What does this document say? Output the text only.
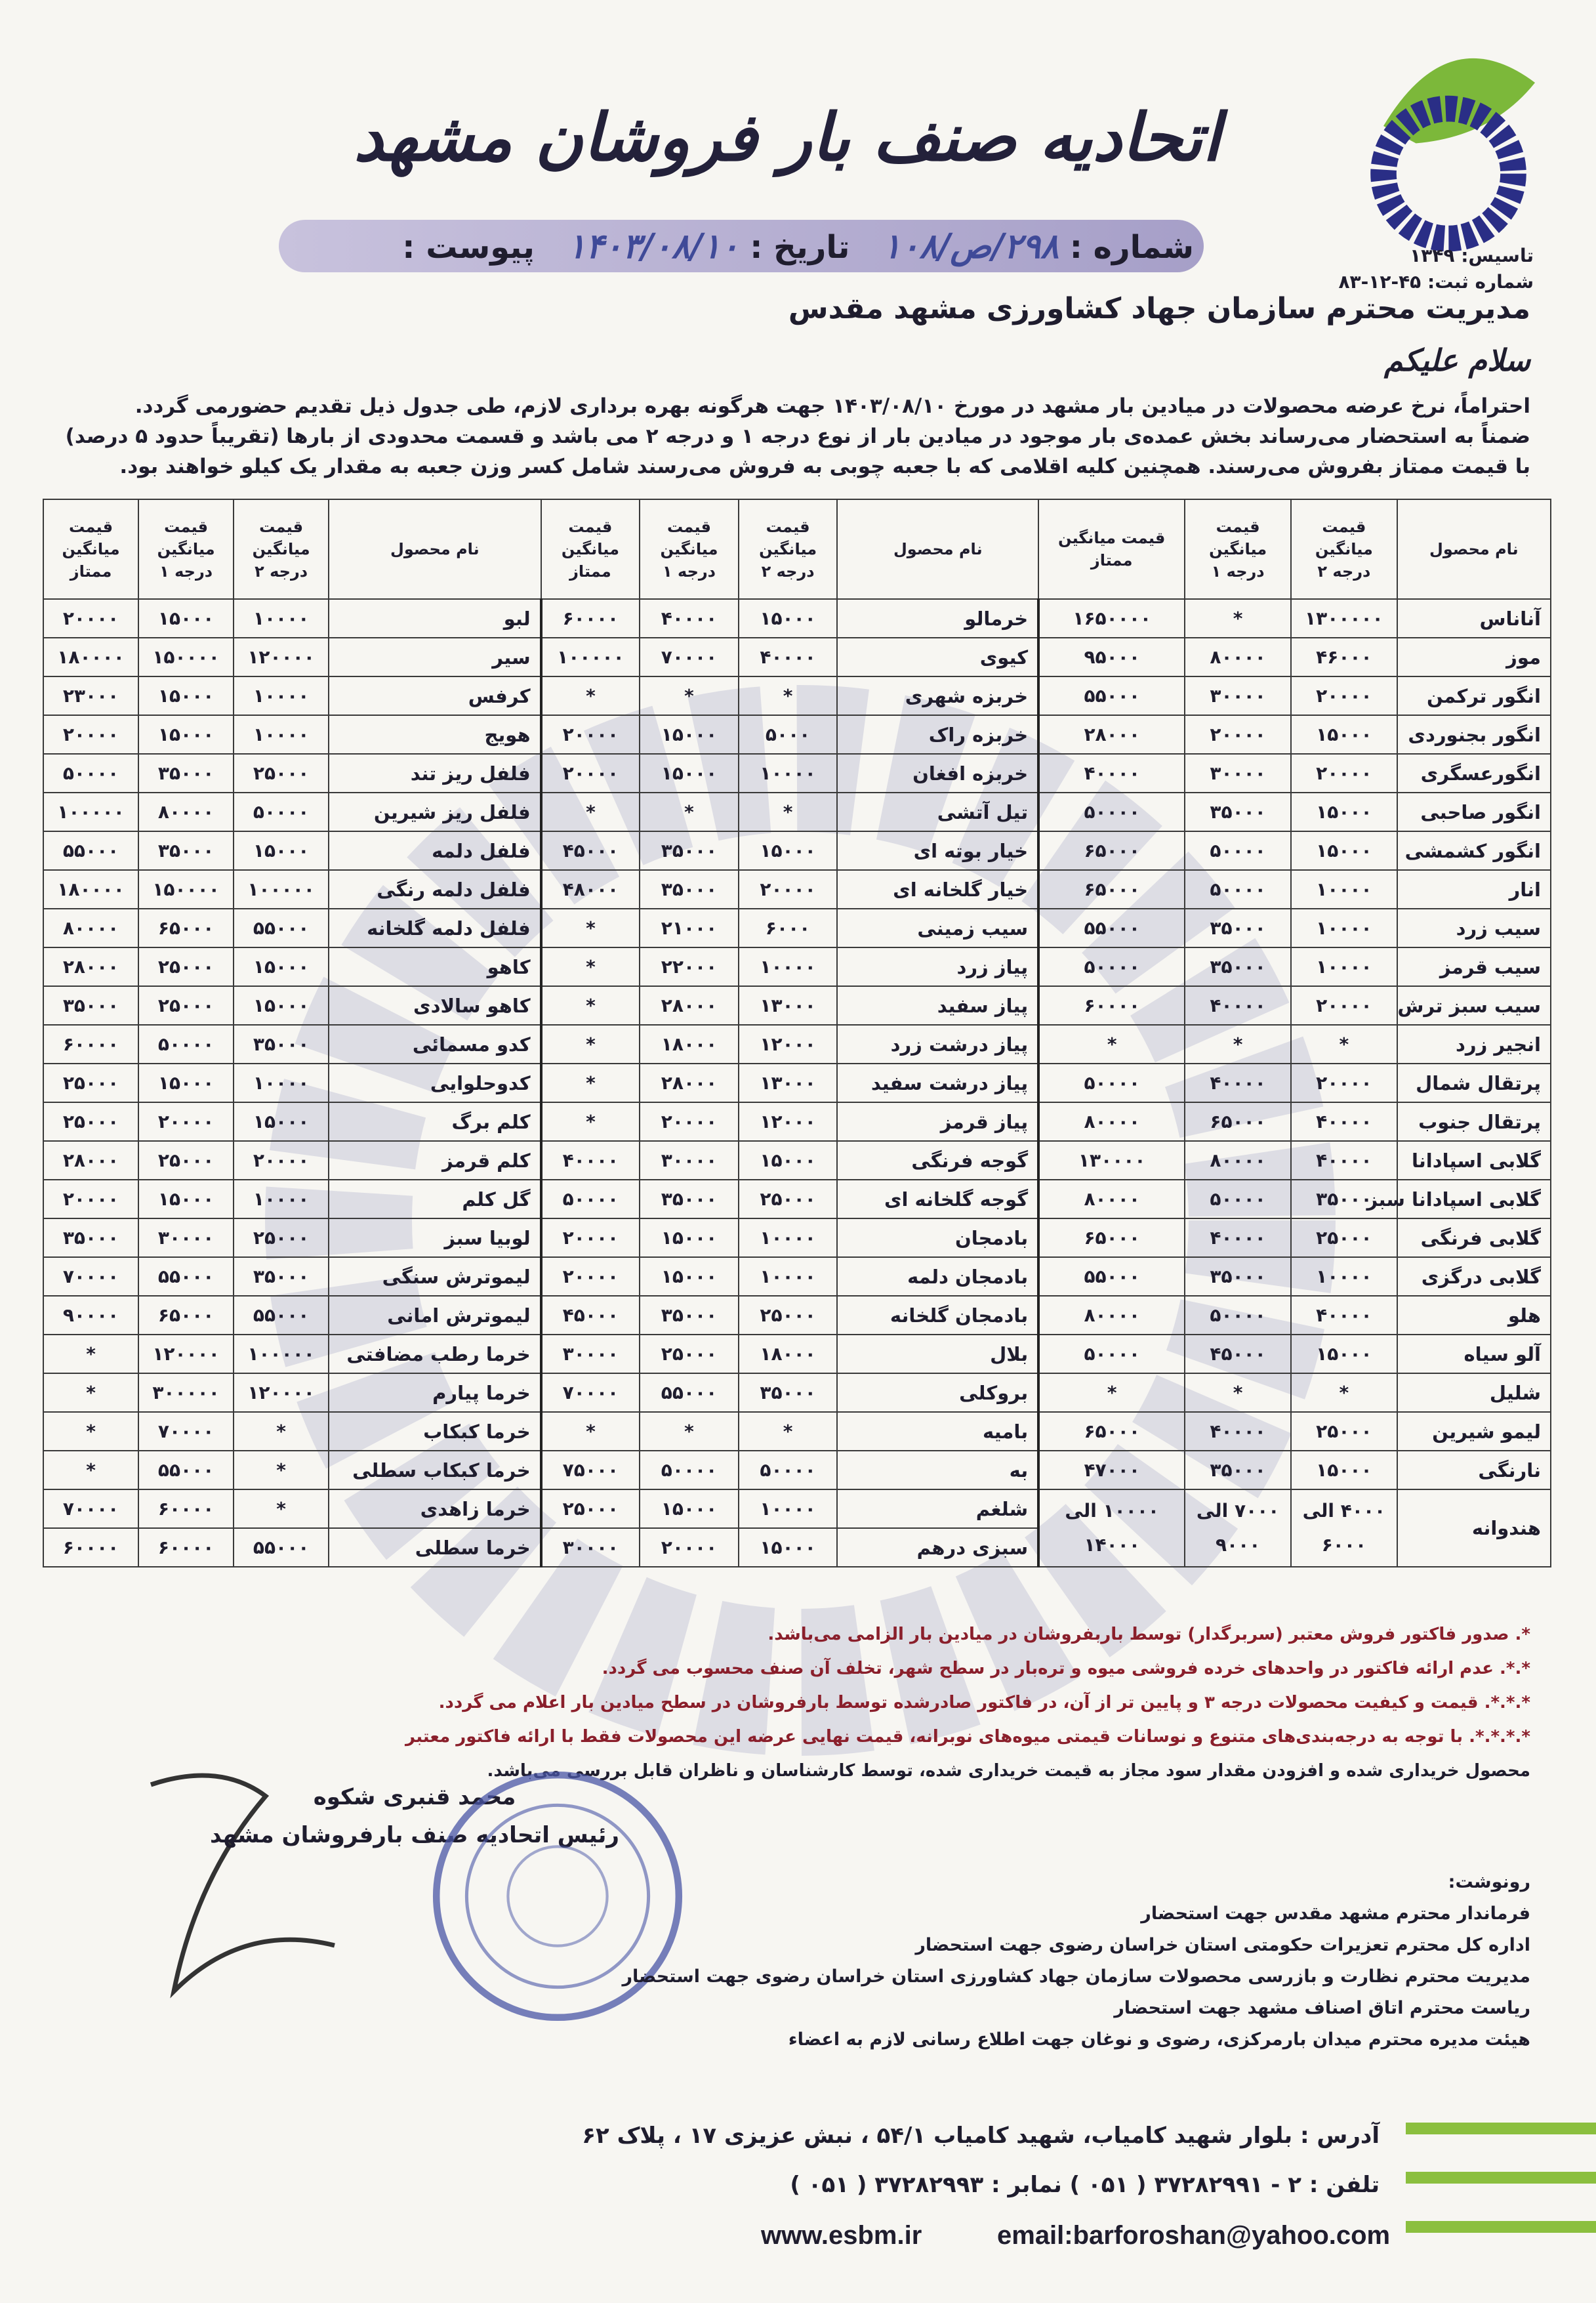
اتحادیه صنف بار فروشان مشهد
تاسیس: ۱۳۴۹
شماره ثبت: ۴۵-۱۲-۸۳
شماره : ۲۹۸/ص/۱۰۸   تاریخ : ۱۴۰۳/۰۸/۱۰   پیوست :
مدیریت محترم سازمان جهاد کشاورزی مشهد مقدس
سلام علیکم

احتراماً، نرخ عرضه محصولات در میادین بار مشهد در مورخ ۱۴۰۳/۰۸/۱۰ جهت هرگونه بهره برداری لازم، طی جدول ذیل تقدیم حضورمی گردد.

ضمناً به استحضار می‌رساند بخش عمده‌ی بار موجود در میادین بار از نوع درجه ۱ و درجه ۲ می باشد و قسمت محدودی از بارها (تقریباً حدود ۵ درصد)

با قیمت ممتاز بفروش می‌رسند. همچنین کلیه اقلامی که با جعبه چوبی به فروش می‌رسند شامل کسر وزن جعبه به مقدار یک کیلو خواهند بود.

نام محصول	قیمت میانگین درجه ۲	قیمت میانگین درجه ۱	قیمت میانگین ممتاز	نام محصول	قیمت میانگین درجه ۲	قیمت میانگین درجه ۱	قیمت میانگین ممتاز	نام محصول	قیمت میانگین درجه ۲	قیمت میانگین درجه ۱	قیمت میانگین ممتاز
آناناس	۱۳۰۰۰۰۰	*	۱۶۵۰۰۰۰	خرمالو	۱۵۰۰۰	۴۰۰۰۰	۶۰۰۰۰	لبو	۱۰۰۰۰	۱۵۰۰۰	۲۰۰۰۰
موز	۴۶۰۰۰	۸۰۰۰۰	۹۵۰۰۰	کیوی	۴۰۰۰۰	۷۰۰۰۰	۱۰۰۰۰۰	سیر	۱۲۰۰۰۰	۱۵۰۰۰۰	۱۸۰۰۰۰
انگور ترکمن	۲۰۰۰۰	۳۰۰۰۰	۵۵۰۰۰	خربزه شهری	*	*	*	کرفس	۱۰۰۰۰	۱۵۰۰۰	۲۳۰۰۰
انگور بجنوردی	۱۵۰۰۰	۲۰۰۰۰	۲۸۰۰۰	خربزه راک	۵۰۰۰	۱۵۰۰۰	۲۰۰۰۰	هویج	۱۰۰۰۰	۱۵۰۰۰	۲۰۰۰۰
انگورعسگری	۲۰۰۰۰	۳۰۰۰۰	۴۰۰۰۰	خربزه افغان	۱۰۰۰۰	۱۵۰۰۰	۲۰۰۰۰	فلفل ریز تند	۲۵۰۰۰	۳۵۰۰۰	۵۰۰۰۰
انگور صاحبی	۱۵۰۰۰	۳۵۰۰۰	۵۰۰۰۰	تیل آتشی	*	*	*	فلفل ریز شیرین	۵۰۰۰۰	۸۰۰۰۰	۱۰۰۰۰۰
انگور کشمشی	۱۵۰۰۰	۵۰۰۰۰	۶۵۰۰۰	خیار بوته ای	۱۵۰۰۰	۳۵۰۰۰	۴۵۰۰۰	فلفل دلمه	۱۵۰۰۰	۳۵۰۰۰	۵۵۰۰۰
انار	۱۰۰۰۰	۵۰۰۰۰	۶۵۰۰۰	خیار گلخانه ای	۲۰۰۰۰	۳۵۰۰۰	۴۸۰۰۰	فلفل دلمه رنگی	۱۰۰۰۰۰	۱۵۰۰۰۰	۱۸۰۰۰۰
سیب زرد	۱۰۰۰۰	۳۵۰۰۰	۵۵۰۰۰	سیب زمینی	۶۰۰۰	۲۱۰۰۰	*	فلفل دلمه گلخانه	۵۵۰۰۰	۶۵۰۰۰	۸۰۰۰۰
سیب قرمز	۱۰۰۰۰	۳۵۰۰۰	۵۰۰۰۰	پیاز زرد	۱۰۰۰۰	۲۲۰۰۰	*	کاهو	۱۵۰۰۰	۲۵۰۰۰	۲۸۰۰۰
سیب سبز ترش	۲۰۰۰۰	۴۰۰۰۰	۶۰۰۰۰	پیاز سفید	۱۳۰۰۰	۲۸۰۰۰	*	کاهو سالادی	۱۵۰۰۰	۲۵۰۰۰	۳۵۰۰۰
انجیر زرد	*	*	*	پیاز درشت زرد	۱۲۰۰۰	۱۸۰۰۰	*	کدو مسمائی	۳۵۰۰۰	۵۰۰۰۰	۶۰۰۰۰
پرتقال شمال	۲۰۰۰۰	۴۰۰۰۰	۵۰۰۰۰	پیاز درشت سفید	۱۳۰۰۰	۲۸۰۰۰	*	کدوحلوایی	۱۰۰۰۰	۱۵۰۰۰	۲۵۰۰۰
پرتقال جنوب	۴۰۰۰۰	۶۵۰۰۰	۸۰۰۰۰	پیاز قرمز	۱۲۰۰۰	۲۰۰۰۰	*	کلم برگ	۱۵۰۰۰	۲۰۰۰۰	۲۵۰۰۰
گلابی اسپادانا	۴۰۰۰۰	۸۰۰۰۰	۱۳۰۰۰۰	گوجه فرنگی	۱۵۰۰۰	۳۰۰۰۰	۴۰۰۰۰	کلم قرمز	۲۰۰۰۰	۲۵۰۰۰	۲۸۰۰۰
گلابی اسپادانا سبز	۳۵۰۰۰	۵۰۰۰۰	۸۰۰۰۰	گوجه گلخانه ای	۲۵۰۰۰	۳۵۰۰۰	۵۰۰۰۰	گل کلم	۱۰۰۰۰	۱۵۰۰۰	۲۰۰۰۰
گلابی فرنگی	۲۵۰۰۰	۴۰۰۰۰	۶۵۰۰۰	بادمجان	۱۰۰۰۰	۱۵۰۰۰	۲۰۰۰۰	لوبیا سبز	۲۵۰۰۰	۳۰۰۰۰	۳۵۰۰۰
گلابی درگزی	۱۰۰۰۰	۳۵۰۰۰	۵۵۰۰۰	بادمجان دلمه	۱۰۰۰۰	۱۵۰۰۰	۲۰۰۰۰	لیموترش سنگی	۳۵۰۰۰	۵۵۰۰۰	۷۰۰۰۰
هلو	۴۰۰۰۰	۵۰۰۰۰	۸۰۰۰۰	بادمجان گلخانه	۲۵۰۰۰	۳۵۰۰۰	۴۵۰۰۰	لیموترش امانی	۵۵۰۰۰	۶۵۰۰۰	۹۰۰۰۰
آلو سیاه	۱۵۰۰۰	۴۵۰۰۰	۵۰۰۰۰	بلال	۱۸۰۰۰	۲۵۰۰۰	۳۰۰۰۰	خرما رطب مضافتی	۱۰۰۰۰۰	۱۲۰۰۰۰	*
شلیل	*	*	*	بروکلی	۳۵۰۰۰	۵۵۰۰۰	۷۰۰۰۰	خرما پیارم	۱۲۰۰۰۰	۳۰۰۰۰۰	*
لیمو شیرین	۲۵۰۰۰	۴۰۰۰۰	۶۵۰۰۰	بامیه	*	*	*	خرما کبکاب	*	۷۰۰۰۰	*
نارنگی	۱۵۰۰۰	۳۵۰۰۰	۴۷۰۰۰	به	۵۰۰۰۰	۵۰۰۰۰	۷۵۰۰۰	خرما کبکاب سطلی	*	۵۵۰۰۰	*
هندوانه	۴۰۰۰ الی ۶۰۰۰	۷۰۰۰ الی ۹۰۰۰	۱۰۰۰۰ الی ۱۴۰۰۰	شلغم	۱۰۰۰۰	۱۵۰۰۰	۲۵۰۰۰	خرما زاهدی	*	۶۰۰۰۰	۷۰۰۰۰
				سبزی درهم	۱۵۰۰۰	۲۰۰۰۰	۳۰۰۰۰	خرما سطلی	۵۵۰۰۰	۶۰۰۰۰	۶۰۰۰۰
*. صدور فاکتور فروش معتبر (سربرگدار) توسط باربفروشان در میادین بار الزامی می‌باشد.
*.*. عدم ارائه فاکتور در واحدهای خرده فروشی میوه و تره‌بار در سطح شهر، تخلف آن صنف محسوب می گردد.
*.*.*. قیمت و کیفیت محصولات درجه ۳ و پایین تر از آن، در فاکتور صادرشده توسط بارفروشان در سطح میادین بار اعلام می گردد.
*.*.*.*. با توجه به درجه‌بندی‌های متنوع و نوسانات قیمتی میوه‌های نوبرانه، قیمت نهایی عرضه این محصولات فقط با ارائه فاکتور معتبر
محصول خریداری شده و افزودن مقدار سود مجاز به قیمت خریداری شده، توسط کارشناسان و ناظران قابل بررسی می‌باشد.
محمد قنبری شکوه
رئیس اتحادیه صنف بارفروشان مشهد
رونوشت:
فرماندار محترم مشهد مقدس جهت استحضار
اداره کل محترم تعزیرات حکومتی استان خراسان رضوی جهت استحضار
مدیریت محترم نظارت و بازرسی محصولات سازمان جهاد کشاورزی استان خراسان رضوی جهت استحضار
ریاست محترم اتاق اصناف مشهد جهت استحضار
هیئت مدیره محترم میدان بارمرکزی، رضوی و نوغان جهت اطلاع رسانی لازم به اعضاء
آدرس : بلوار شهید کامیاب، شهید کامیاب ۵۴/۱ ، نبش عزیزی ۱۷ ، پلاک ۶۲
تلفن : ۲ - ۳۷۲۸۲۹۹۱ ( ۰۵۱ ) نمابر : ۳۷۲۸۲۹۹۳ ( ۰۵۱ )
www.esbm.ir	email:barforoshan@yahoo.com
